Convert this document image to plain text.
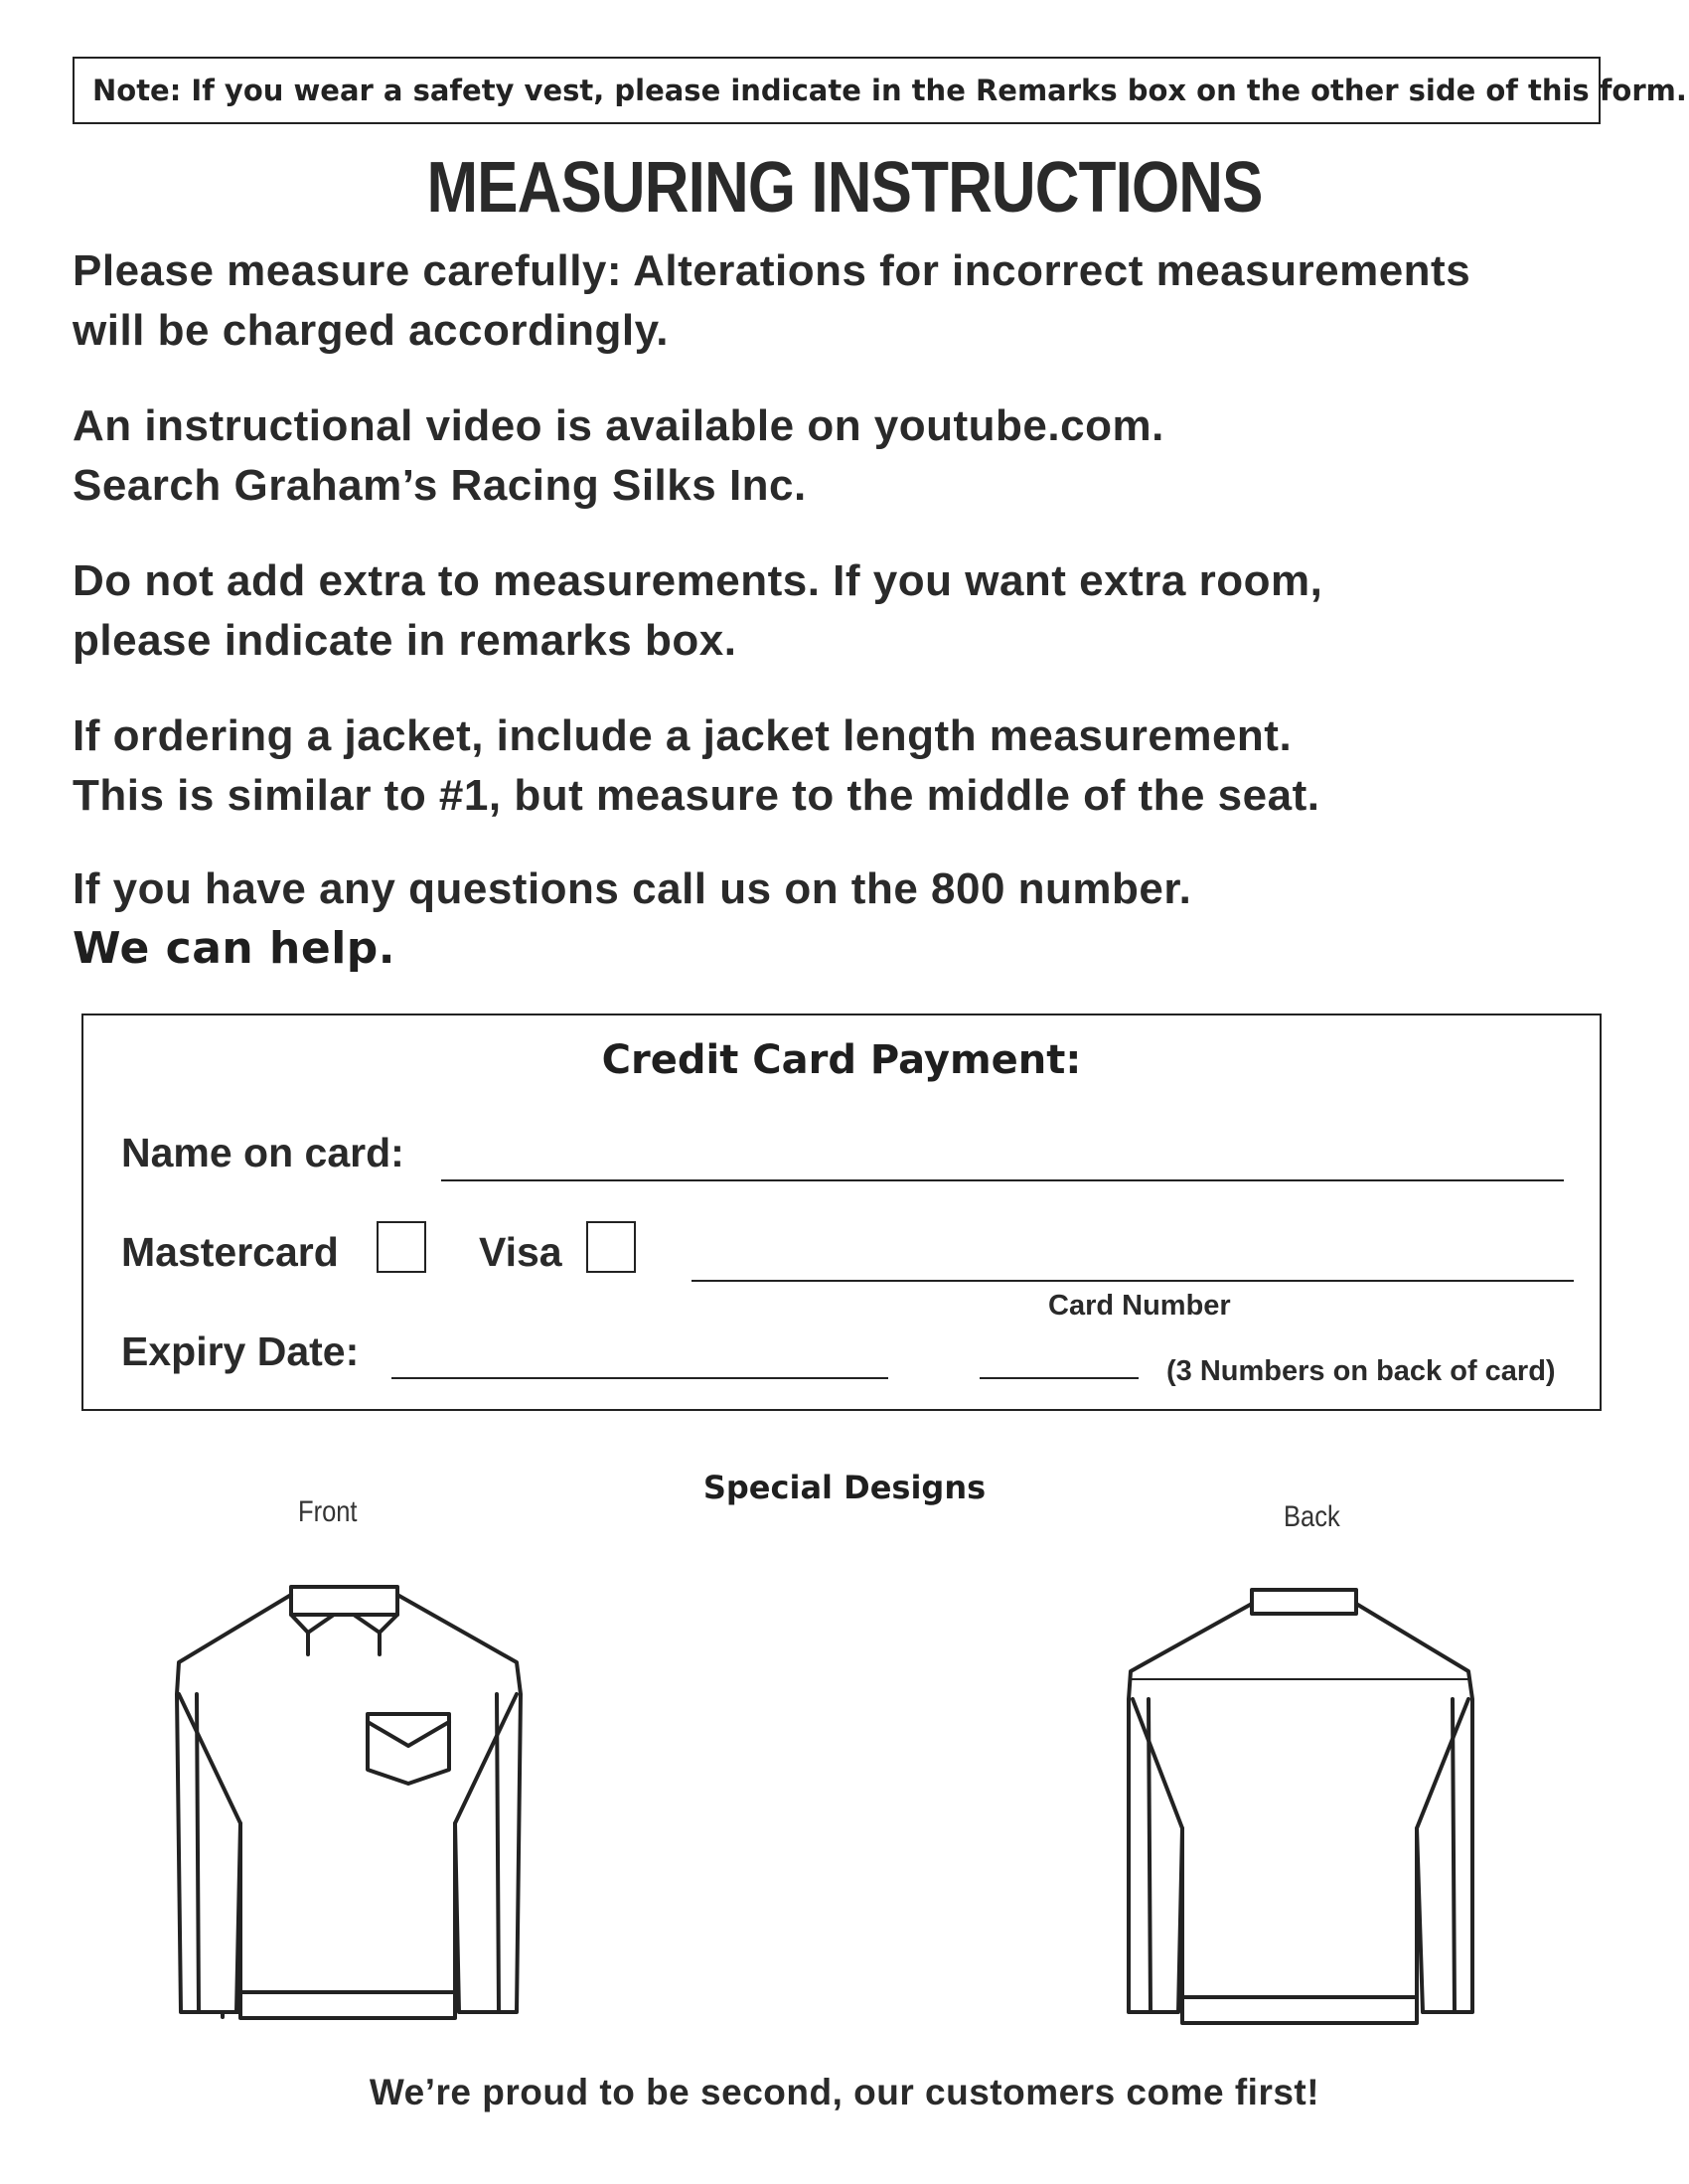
Note: If you wear a safety vest, please indicate in the Remarks box on the other side of this form.
MEASURING INSTRUCTIONS
Please measure carefully: Alterations for incorrect measurements
will be charged accordingly.
An instructional video is available on youtube.com.
Search Graham’s Racing Silks Inc.
Do not add extra to measurements. If you want extra room,
please indicate in remarks box.
If ordering a jacket, include a jacket length measurement.
This is similar to #1, but measure to the middle of the seat.
If you have any questions call us on the 800 number.
We can help.
Credit Card Payment:
Name on card:
Mastercard	Visa
Card Number
Expiry Date:	(3 Numbers on back of card)
Special Designs
Front	Back
We’re proud to be second, our customers come first!
